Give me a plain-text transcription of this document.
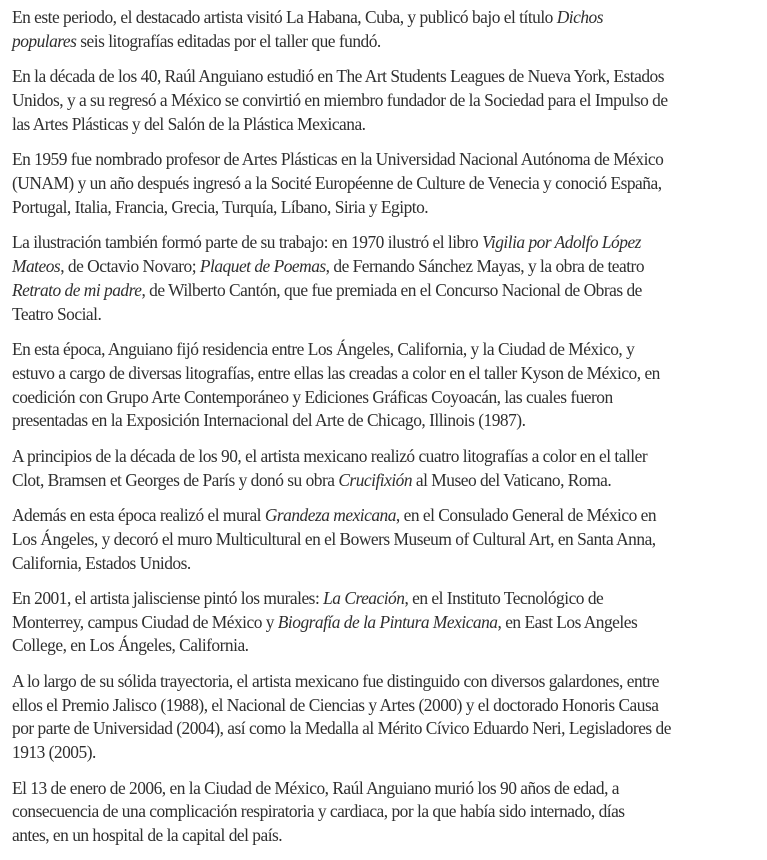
En este periodo, el destacado artista visitó La Habana, Cuba, y publicó bajo el título Dichos
populares seis litografías editadas por el taller que fundó.

En la década de los 40, Raúl Anguiano estudió en The Art Students Leagues de Nueva York, Estados
Unidos, y a su regresó a México se convirtió en miembro fundador de la Sociedad para el Impulso de
las Artes Plásticas y del Salón de la Plástica Mexicana.

En 1959 fue nombrado profesor de Artes Plásticas en la Universidad Nacional Autónoma de México
(UNAM) y un año después ingresó a la Socité Européenne de Culture de Venecia y conoció España,
Portugal, Italia, Francia, Grecia, Turquía, Líbano, Siria y Egipto.

La ilustración también formó parte de su trabajo: en 1970 ilustró el libro Vigilia por Adolfo López
Mateos, de Octavio Novaro; Plaquet de Poemas, de Fernando Sánchez Mayas, y la obra de teatro
Retrato de mi padre, de Wilberto Cantón, que fue premiada en el Concurso Nacional de Obras de
Teatro Social.

En esta época, Anguiano fijó residencia entre Los Ángeles, California, y la Ciudad de México, y
estuvo a cargo de diversas litografías, entre ellas las creadas a color en el taller Kyson de México, en
coedición con Grupo Arte Contemporáneo y Ediciones Gráficas Coyoacán, las cuales fueron
presentadas en la Exposición Internacional del Arte de Chicago, Illinois (1987).

A principios de la década de los 90, el artista mexicano realizó cuatro litografías a color en el taller
Clot, Bramsen et Georges de París y donó su obra Crucifixión al Museo del Vaticano, Roma.

Además en esta época realizó el mural Grandeza mexicana, en el Consulado General de México en
Los Ángeles, y decoró el muro Multicultural en el Bowers Museum of Cultural Art, en Santa Anna,
California, Estados Unidos.

En 2001, el artista jalisciense pintó los murales: La Creación, en el Instituto Tecnológico de
Monterrey, campus Ciudad de México y Biografía de la Pintura Mexicana, en East Los Angeles
College, en Los Ángeles, California.

A lo largo de su sólida trayectoria, el artista mexicano fue distinguido con diversos galardones, entre
ellos el Premio Jalisco (1988), el Nacional de Ciencias y Artes (2000) y el doctorado Honoris Causa
por parte de Universidad (2004), así como la Medalla al Mérito Cívico Eduardo Neri, Legisladores de
1913 (2005).

El 13 de enero de 2006, en la Ciudad de México, Raúl Anguiano murió los 90 años de edad, a
consecuencia de una complicación respiratoria y cardiaca, por la que había sido internado, días
antes, en un hospital de la capital del país.
